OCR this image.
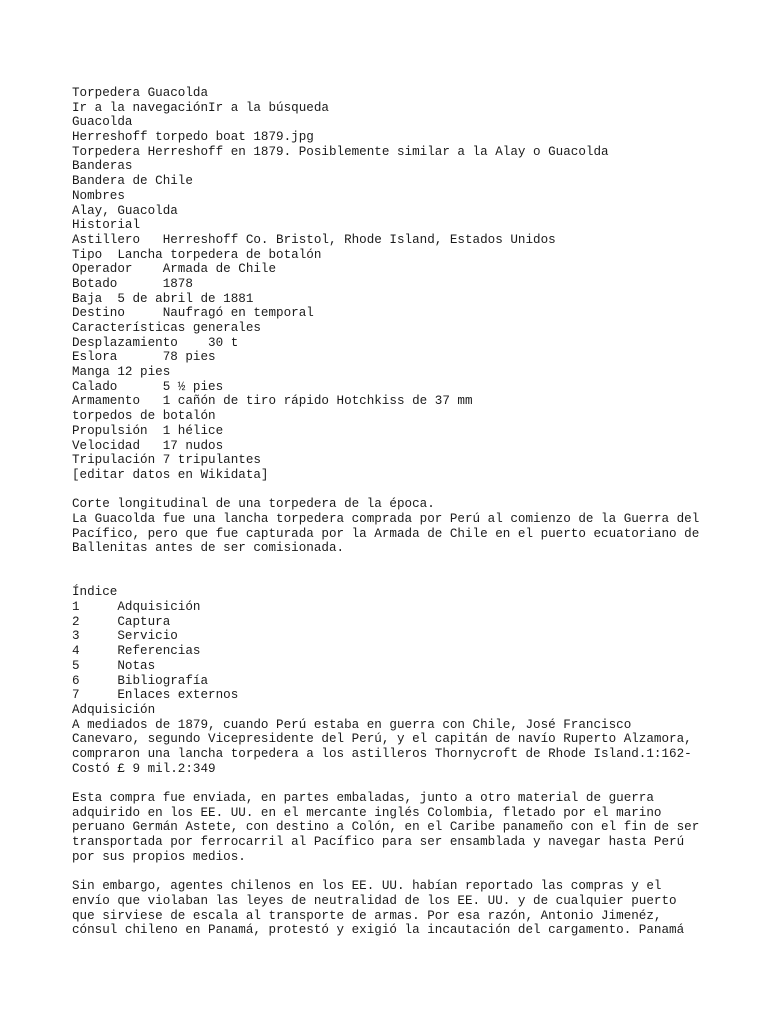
Torpedera Guacolda
Ir a la navegaciónIr a la búsqueda
Guacolda
Herreshoff torpedo boat 1879.jpg
Torpedera Herreshoff en 1879. Posiblemente similar a la Alay o Guacolda
Banderas
Bandera de Chile
Nombres
Alay, Guacolda
Historial
Astillero   Herreshoff Co. Bristol, Rhode Island, Estados Unidos
Tipo  Lancha torpedera de botalón
Operador    Armada de Chile
Botado      1878
Baja  5 de abril de 1881
Destino     Naufragó en temporal
Características generales
Desplazamiento    30 t
Eslora      78 pies
Manga 12 pies
Calado      5 ½ pies
Armamento   1 cañón de tiro rápido Hotchkiss de 37 mm
torpedos de botalón
Propulsión  1 hélice
Velocidad   17 nudos
Tripulación 7 tripulantes
[editar datos en Wikidata]
Corte longitudinal de una torpedera de la época.
La Guacolda fue una lancha torpedera comprada por Perú al comienzo de la Guerra del
Pacífico, pero que fue capturada por la Armada de Chile en el puerto ecuatoriano de
Ballenitas antes de ser comisionada.
Índice
1     Adquisición
2     Captura
3     Servicio
4     Referencias
5     Notas
6     Bibliografía
7     Enlaces externos
Adquisición
A mediados de 1879, cuando Perú estaba en guerra con Chile, José Francisco
Canevaro, segundo Vicepresidente del Perú, y el capitán de navío Ruperto Alzamora,
compraron una lancha torpedera a los astilleros Thornycroft de Rhode Island.1:162-
Costó £ 9 mil.2:349
Esta compra fue enviada, en partes embaladas, junto a otro material de guerra
adquirido en los EE. UU. en el mercante inglés Colombia, fletado por el marino
peruano Germán Astete, con destino a Colón, en el Caribe panameño con el fin de ser
transportada por ferrocarril al Pacífico para ser ensamblada y navegar hasta Perú
por sus propios medios.
Sin embargo, agentes chilenos en los EE. UU. habían reportado las compras y el
envío que violaban las leyes de neutralidad de los EE. UU. y de cualquier puerto
que sirviese de escala al transporte de armas. Por esa razón, Antonio Jimenéz,
cónsul chileno en Panamá, protestó y exigió la incautación del cargamento. Panamá
